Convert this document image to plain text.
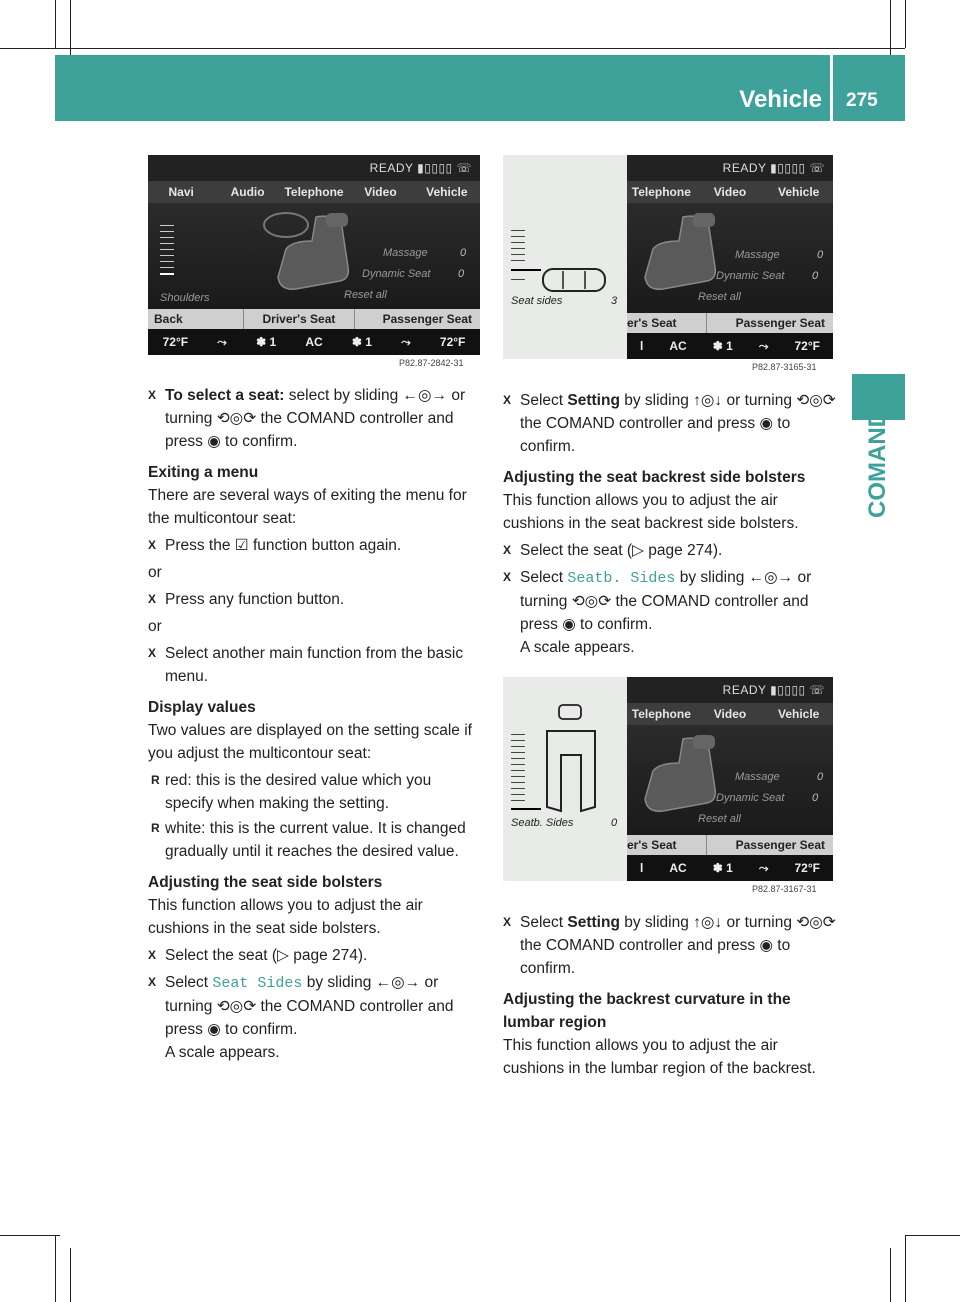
Vehicle 275
COMAND
READY ▮▯▯▯▯ ☏
Navi	Audio	Telephone	Video	Vehicle
Massage	0
Dynamic Seat	0
Reset all
Shoulders
Back	Driver's Seat	Passenger Seat
72°F ⤳ ✽ 1 AC ✽ 1 ⤳ 72°F
P82.87-2842-31
Seat sides	3
READY ▮▯▯▯▯ ☏
Telephone	Video	Vehicle
Massage	0
Dynamic Seat	0
Reset all
er's Seat	Passenger Seat
l AC ✽ 1 ⤳ 72°F
P82.87-3165-31

X To select a seat: select by sliding ←◎→ or turning ⟲◎⟳ the COMAND controller and press ◉ to confirm.

Exiting a menu

There are several ways of exiting the menu for the multicontour seat:

X Press the ☑ function button again.

or

X Press any function button.

or

X Select another main function from the basic menu.

Display values

Two values are displayed on the setting scale if you adjust the multicontour seat:

R red: this is the desired value which you specify when making the setting.

R white: this is the current value. It is changed gradually until it reaches the desired value.

Adjusting the seat side bolsters

This function allows you to adjust the air cushions in the seat side bolsters.

X Select the seat (▷ page 274).

X Select Seat Sides by sliding ←◎→ or turning ⟲◎⟳ the COMAND controller and press ◉ to confirm.
A scale appears.

X Select Setting by sliding ↑◎↓ or turning ⟲◎⟳ the COMAND controller and press ◉ to confirm.

Adjusting the seat backrest side bolsters

This function allows you to adjust the air cushions in the seat backrest side bolsters.

X Select the seat (▷ page 274).

X Select Seatb. Sides by sliding ←◎→ or turning ⟲◎⟳ the COMAND controller and press ◉ to confirm.
A scale appears.

Seatb. Sides	0
READY ▮▯▯▯▯ ☏
Telephone	Video	Vehicle
Massage	0
Dynamic Seat	0
Reset all
er's Seat	Passenger Seat
l AC ✽ 1 ⤳ 72°F
P82.87-3167-31

X Select Setting by sliding ↑◎↓ or turning ⟲◎⟳ the COMAND controller and press ◉ to confirm.

Adjusting the backrest curvature in the lumbar region

This function allows you to adjust the air cushions in the lumbar region of the backrest.
